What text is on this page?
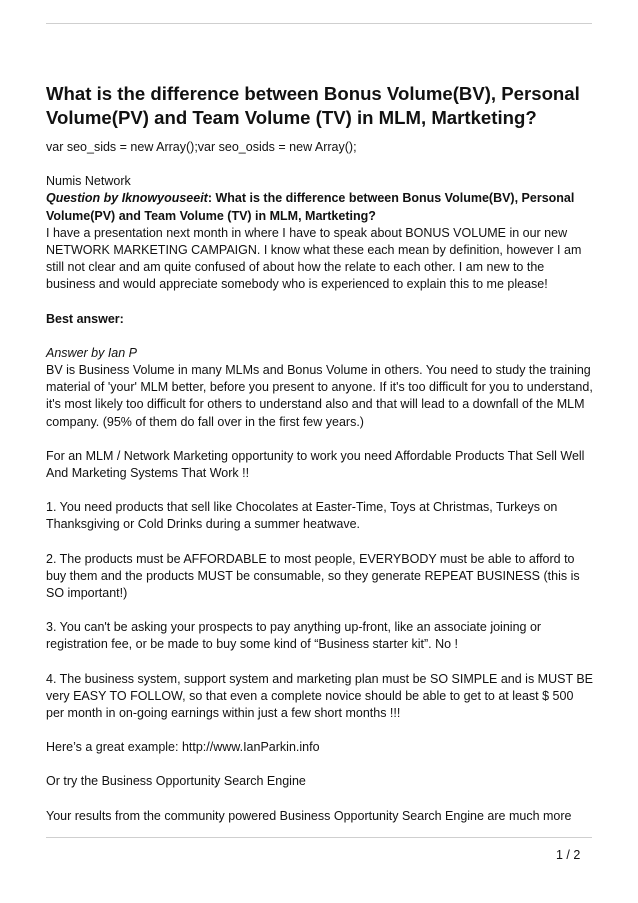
What is the difference between Bonus Volume(BV), Personal Volume(PV) and Team Volume (TV) in MLM, Martketing?

var seo_sids = new Array();var seo_osids = new Array();

Numis Network
Question by Iknowyouseeit: What is the difference between Bonus Volume(BV), Personal Volume(PV) and Team Volume (TV) in MLM, Martketing?
I have a presentation next month in where I have to speak about BONUS VOLUME in our new NETWORK MARKETING CAMPAIGN. I know what these each mean by definition, however I am still not clear and am quite confused of about how the relate to each other. I am new to the business and would appreciate somebody who is experienced to explain this to me please!

Best answer:

Answer by Ian P
BV is Business Volume in many MLMs and Bonus Volume in others. You need to study the training material of 'your' MLM better, before you present to anyone. If it's too difficult for you to understand, it's most likely too difficult for others to understand also and that will lead to a downfall of the MLM company. (95% of them do fall over in the first few years.)

For an MLM / Network Marketing opportunity to work you need Affordable Products That Sell Well And Marketing Systems That Work !!

1. You need products that sell like Chocolates at Easter-Time, Toys at Christmas, Turkeys on Thanksgiving or Cold Drinks during a summer heatwave.

2. The products must be AFFORDABLE to most people, EVERYBODY must be able to afford to buy them and the products MUST be consumable, so they generate REPEAT BUSINESS (this is SO important!)

3. You can't be asking your prospects to pay anything up-front, like an associate joining or registration fee, or be made to buy some kind of “Business starter kit”. No !

4. The business system, support system and marketing plan must be SO SIMPLE and is MUST BE very EASY TO FOLLOW, so that even a complete novice should be able to get to at least $ 500 per month in on-going earnings within just a few short months !!!

Here’s a great example: http://www.IanParkin.info

Or try the Business Opportunity Search Engine

Your results from the community powered Business Opportunity Search Engine are much more

1 / 2
